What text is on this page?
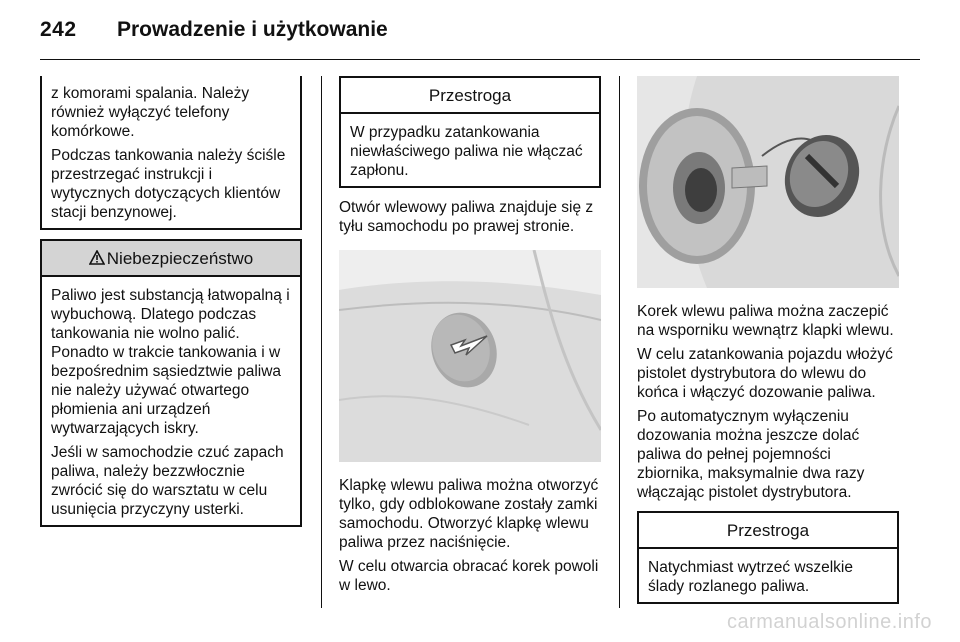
242 Prowadzenie i użytkowanie

z komorami spalania. Należy również wyłączyć telefony komórkowe.

Podczas tankowania należy ściśle przestrzegać instrukcji i wytycznych dotyczących klientów stacji benzynowej.

Niebezpieczeństwo

Paliwo jest substancją łatwopalną i wybuchową. Dlatego podczas tankowania nie wolno palić. Ponadto w trakcie tankowania i w bezpośrednim sąsiedztwie paliwa nie należy używać otwartego płomienia ani urządzeń wytwarzających iskry.

Jeśli w samochodzie czuć zapach paliwa, należy bezzwłocznie zwrócić się do warsztatu w celu usunięcia przyczyny usterki.

Przestroga

W przypadku zatankowania niewłaściwego paliwa nie włączać zapłonu.

Otwór wlewowy paliwa znajduje się z tyłu samochodu po prawej stronie.

Klapkę wlewu paliwa można otworzyć tylko, gdy odblokowane zostały zamki samochodu. Otworzyć klapkę wlewu paliwa przez naciśnięcie.

W celu otwarcia obracać korek powoli w lewo.

Korek wlewu paliwa można zaczepić na wsporniku wewnątrz klapki wlewu.

W celu zatankowania pojazdu włożyć pistolet dystrybutora do wlewu do końca i włączyć dozowanie paliwa.

Po automatycznym wyłączeniu dozowania można jeszcze dolać paliwa do pełnej pojemności zbiornika, maksymalnie dwa razy włączając pistolet dystrybutora.

Przestroga

Natychmiast wytrzeć wszelkie ślady rozlanego paliwa.

carmanualsonline.info
